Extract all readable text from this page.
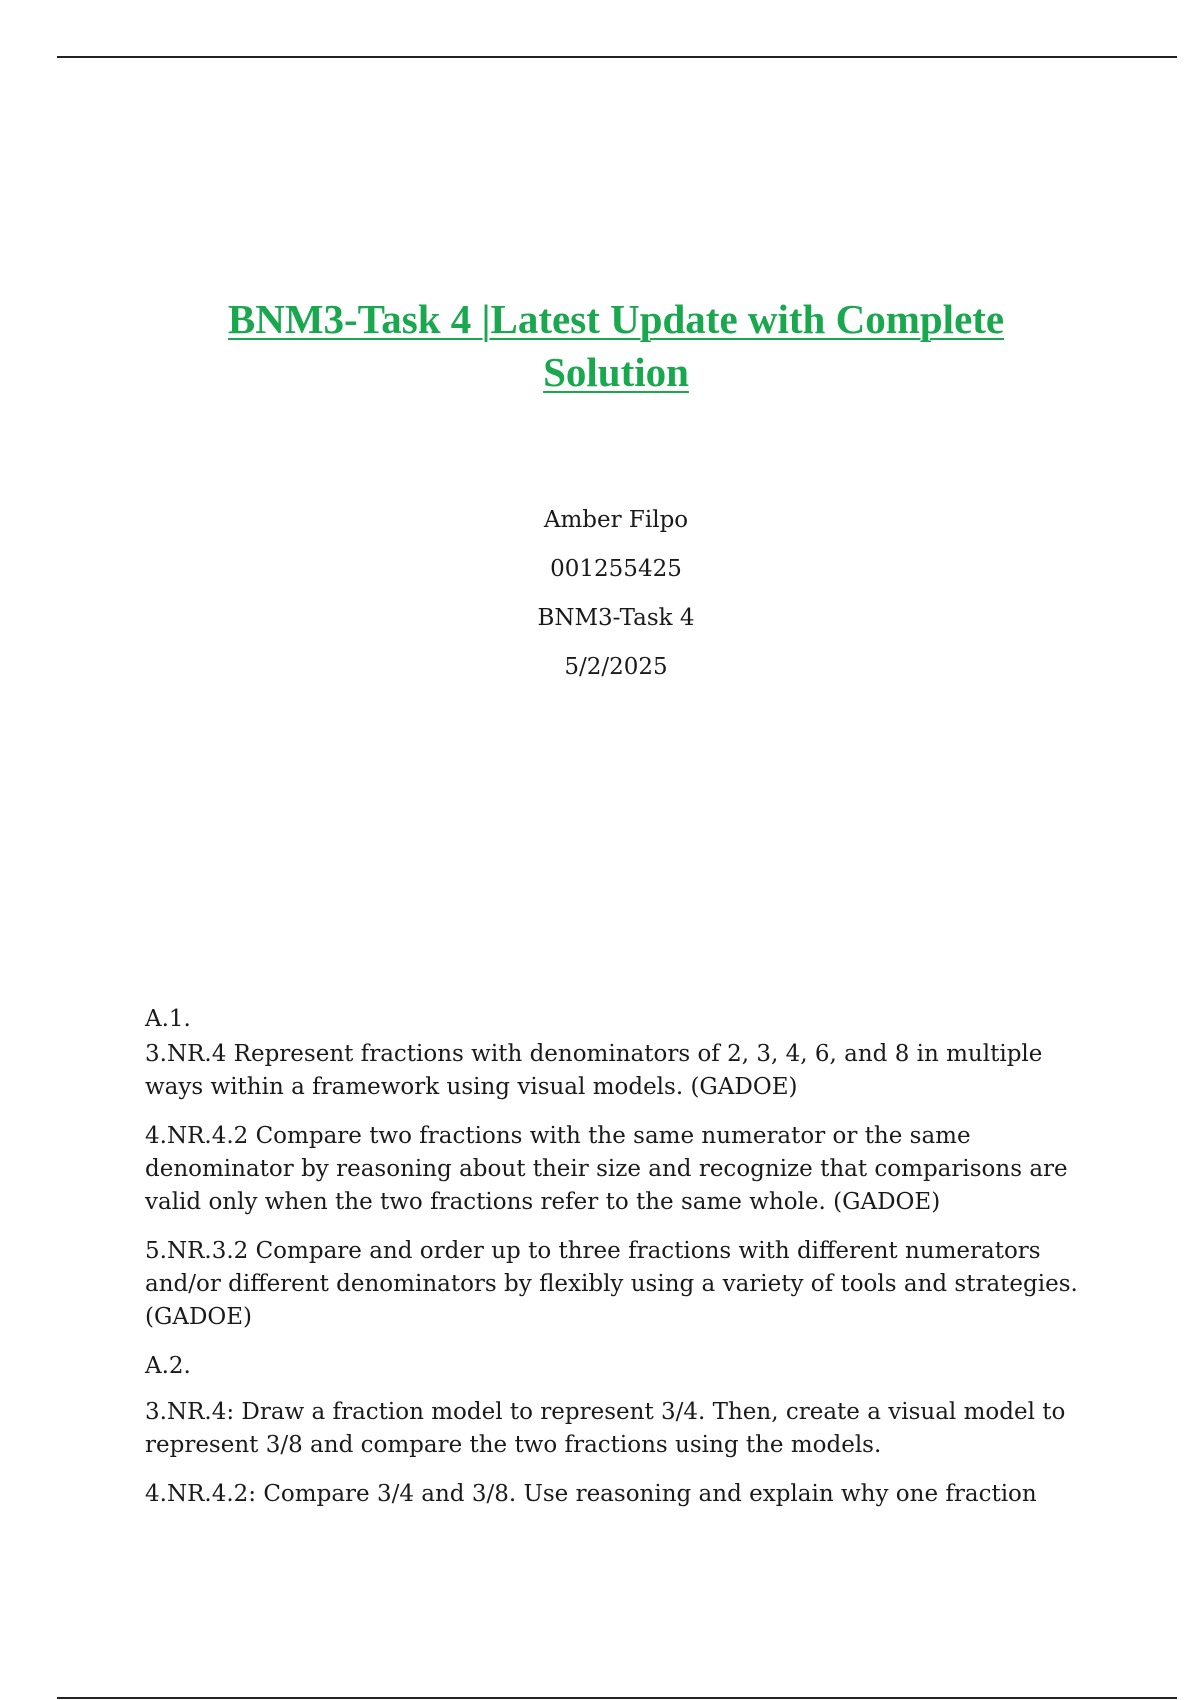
BNM3-Task 4 |Latest Update with Complete
Solution
Amber Filpo
001255425
BNM3-Task 4
5/2/2025

A.1.

3.NR.4 Represent fractions with denominators of 2, 3, 4, 6, and 8 in multiple ways within a framework using visual models. (GADOE)

4.NR.4.2 Compare two fractions with the same numerator or the same denominator by reasoning about their size and recognize that comparisons are valid only when the two fractions refer to the same whole. (GADOE)

5.NR.3.2 Compare and order up to three fractions with different numerators and/or different denominators by flexibly using a variety of tools and strategies. (GADOE)

A.2.

3.NR.4: Draw a fraction model to represent 3/4. Then, create a visual model to represent 3/8 and compare the two fractions using the models.

4.NR.4.2: Compare 3/4 and 3/8. Use reasoning and explain why one fraction
